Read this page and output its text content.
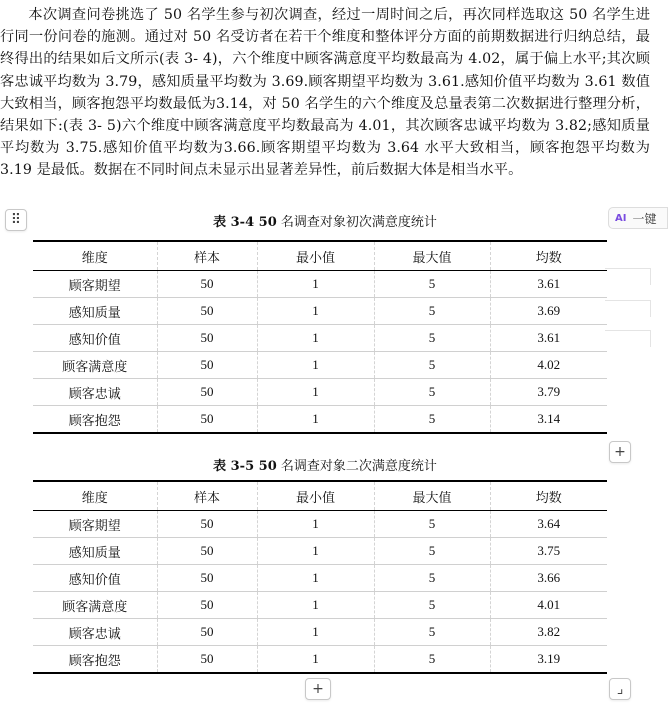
本次调查问卷挑选了 50 名学生参与初次调查，经过一周时间之后，再次同样选取这 50 名学生进行同一份问卷的施测。通过对 50 名受访者在若干个维度和整体评分方面的前期数据进行归纳总结，最终得出的结果如后文所示(表 3- 4)，六个维度中顾客满意度平均数最高为 4.02，属于偏上水平;其次顾客忠诚平均数为 3.79，感知质量平均数为 3.69.顾客期望平均数为 3.61.感知价值平均数为 3.61 数值大致相当，顾客抱怨平均数最低为3.14，对 50 名学生的六个维度及总量表第二次数据进行整理分析，结果如下:(表 3- 5)六个维度中顾客满意度平均数最高为 4.01，其次顾客忠诚平均数为 3.82;感知质量平均数为 3.75.感知价值平均数为3.66.顾客期望平均数为 3.64 水平大致相当，顾客抱怨平均数为3.19 是最低。数据在不同时间点未显示出显著差异性，前后数据大体是相当水平。
⠿	AI 一键
表 3-4 50 名调查对象初次满意度统计
维度	样本	最小值	最大值	均数
顾客期望	50	1	5	3.61
感知质量	50	1	5	3.69
感知价值	50	1	5	3.61
顾客满意度	50	1	5	4.02
顾客忠诚	50	1	5	3.79
顾客抱怨	50	1	5	3.14
+
表 3-5 50 名调查对象二次满意度统计
维度	样本	最小值	最大值	均数
顾客期望	50	1	5	3.64
感知质量	50	1	5	3.75
感知价值	50	1	5	3.66
顾客满意度	50	1	5	4.01
顾客忠诚	50	1	5	3.82
顾客抱怨	50	1	5	3.19
+	⌟
